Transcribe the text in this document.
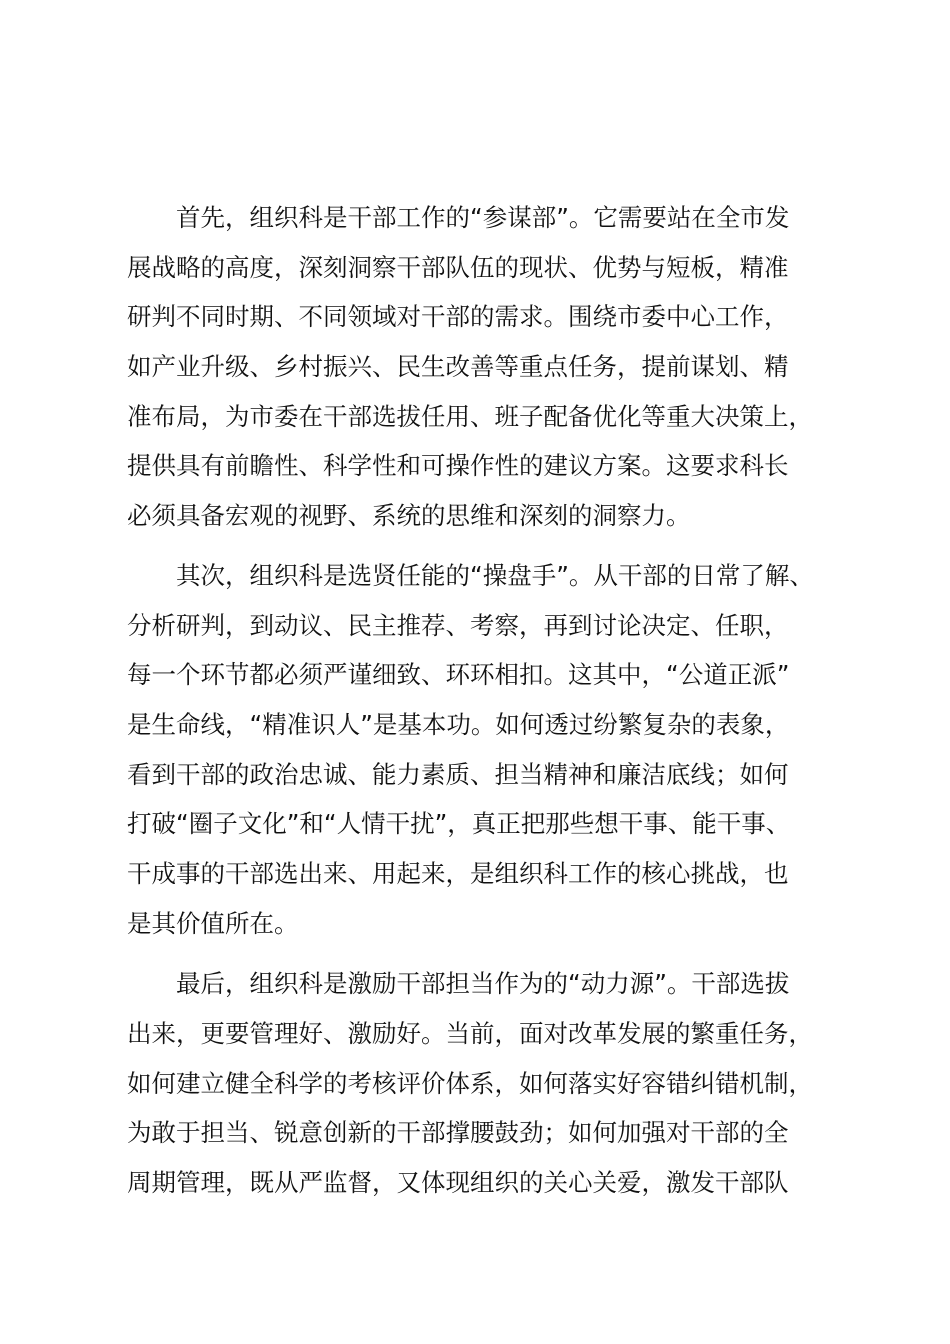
　　首先，组织科是干部工作的“参谋部”。它需要站在全市发
展战略的高度，深刻洞察干部队伍的现状、优势与短板，精准
研判不同时期、不同领域对干部的需求。围绕市委中心工作，
如产业升级、乡村振兴、民生改善等重点任务，提前谋划、精
准布局，为市委在干部选拔任用、班子配备优化等重大决策上，
提供具有前瞻性、科学性和可操作性的建议方案。这要求科长
必须具备宏观的视野、系统的思维和深刻的洞察力。
　　其次，组织科是选贤任能的“操盘手”。从干部的日常了解、
分析研判，到动议、民主推荐、考察，再到讨论决定、任职，
每一个环节都必须严谨细致、环环相扣。这其中，“公道正派”
是生命线，“精准识人”是基本功。如何透过纷繁复杂的表象，
看到干部的政治忠诚、能力素质、担当精神和廉洁底线；如何
打破“圈子文化”和“人情干扰”，真正把那些想干事、能干事、
干成事的干部选出来、用起来，是组织科工作的核心挑战，也
是其价值所在。
　　最后，组织科是激励干部担当作为的“动力源”。干部选拔
出来，更要管理好、激励好。当前，面对改革发展的繁重任务，
如何建立健全科学的考核评价体系，如何落实好容错纠错机制，
为敢于担当、锐意创新的干部撑腰鼓劲；如何加强对干部的全
周期管理，既从严监督，又体现组织的关心关爱，激发干部队
